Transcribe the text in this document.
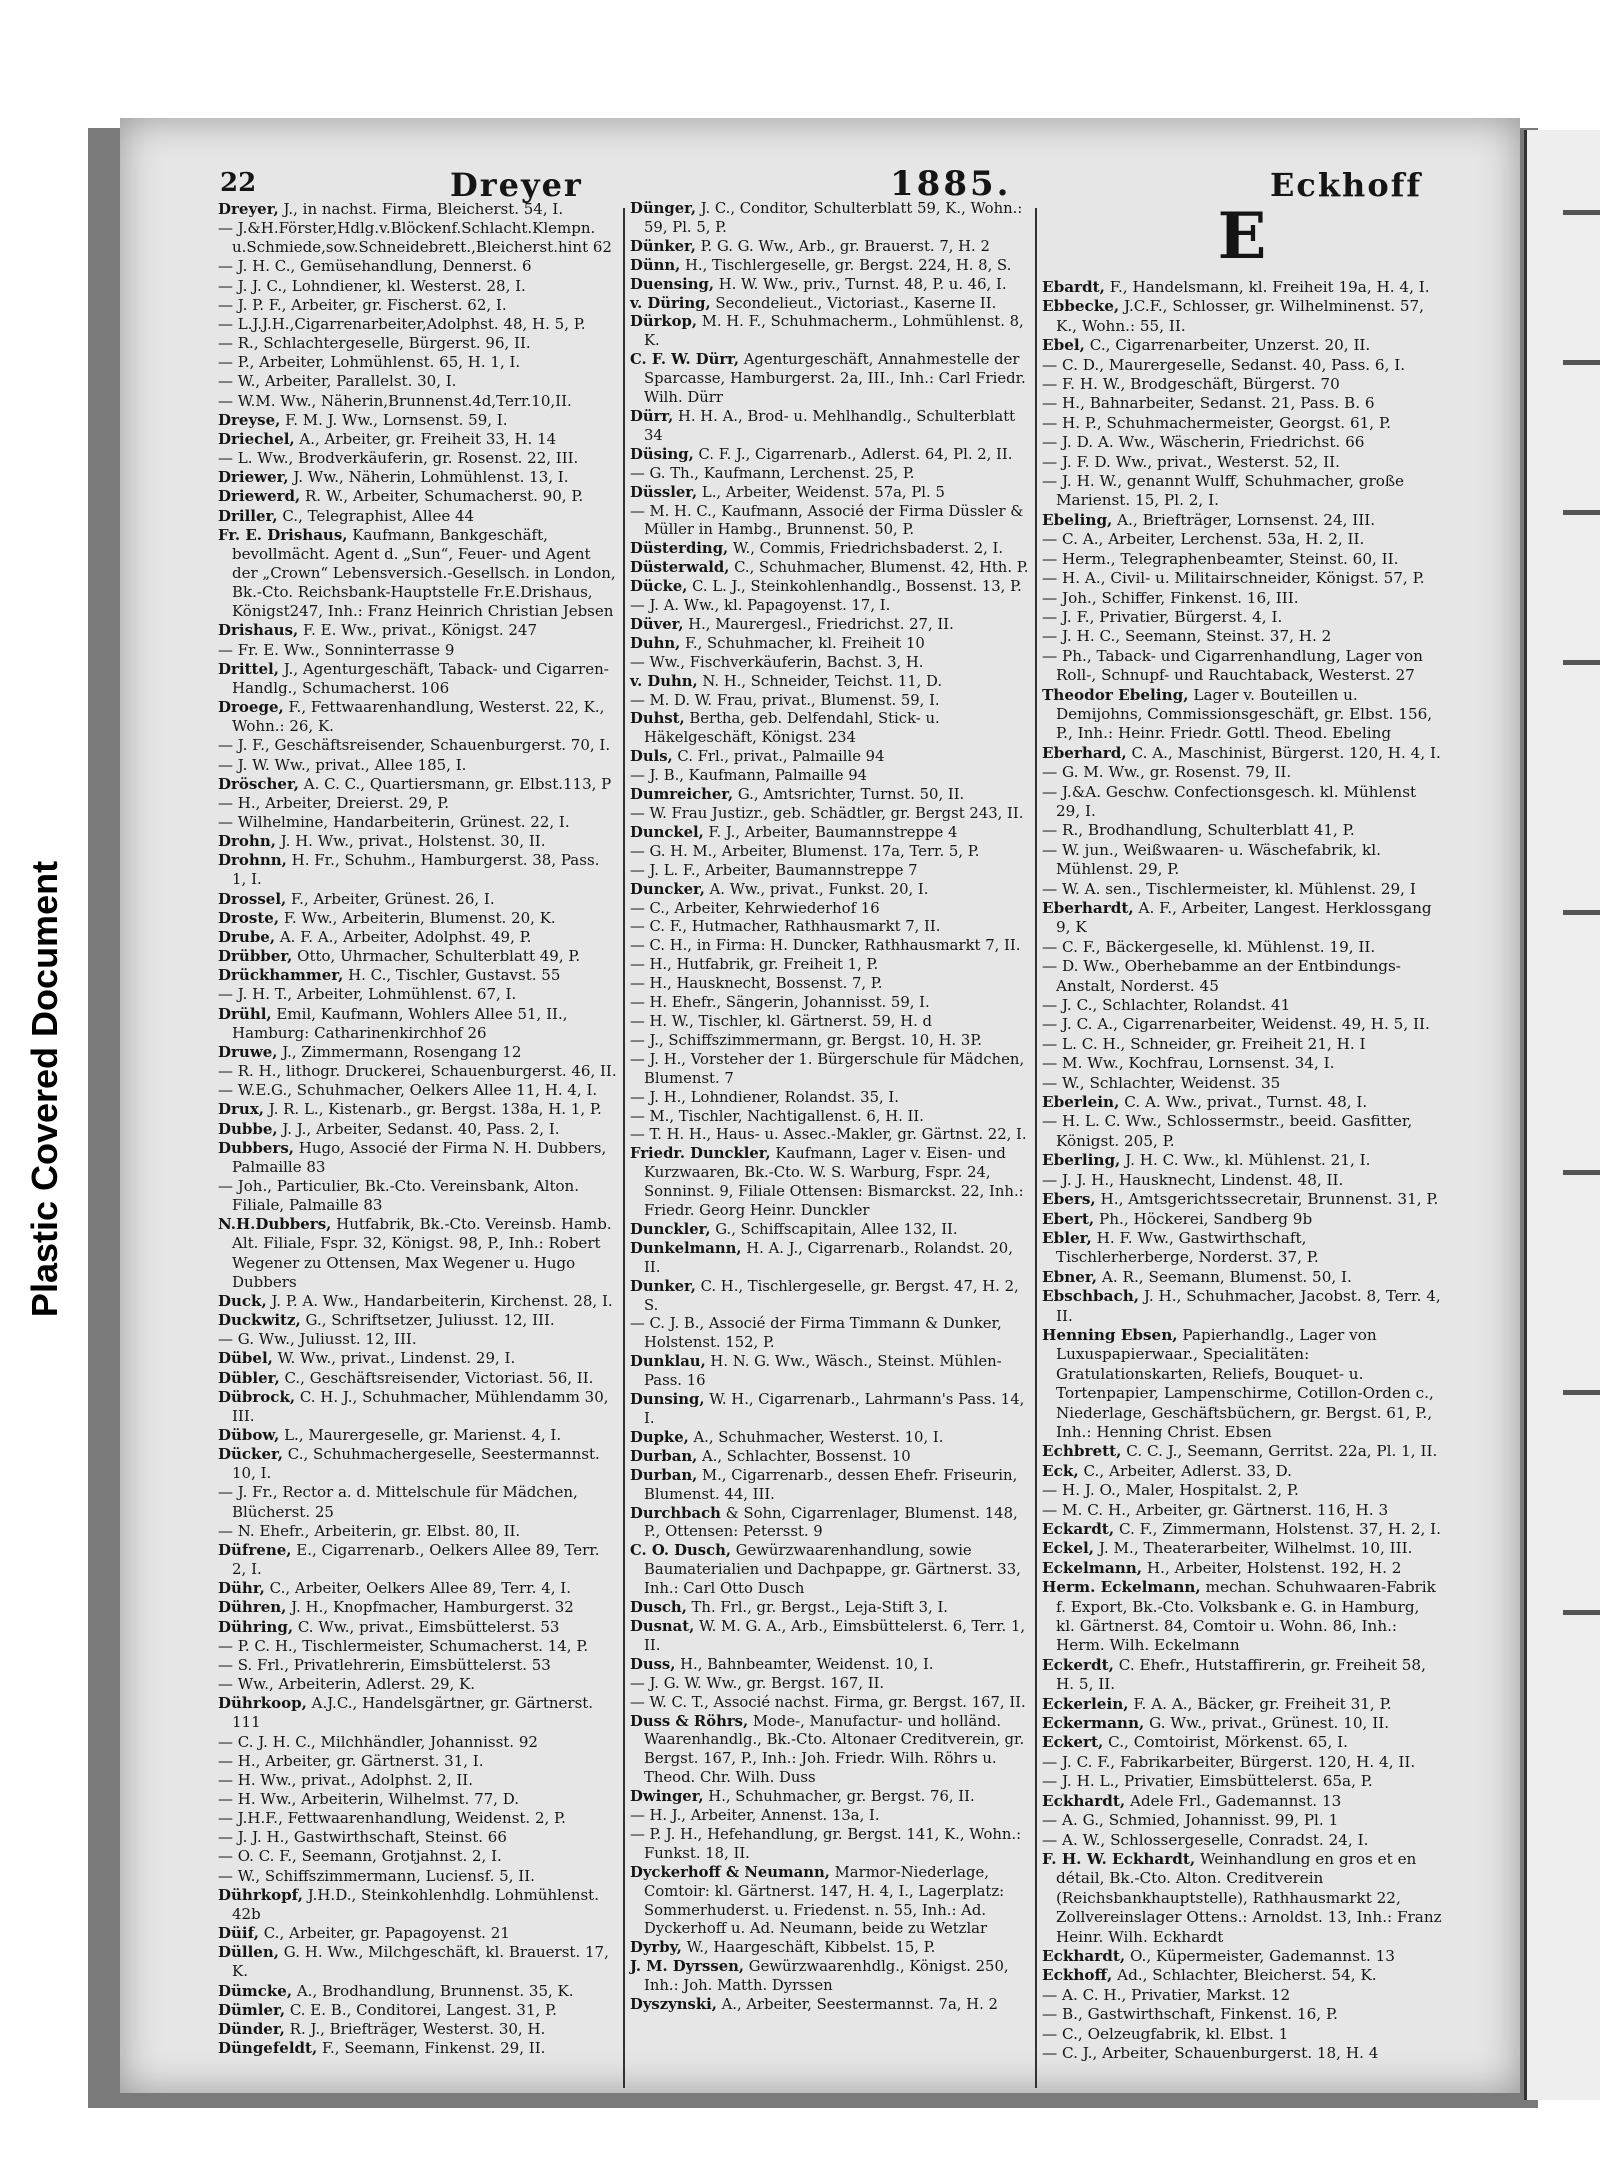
Plastic Covered Document
22	Dreyer	1885.	Eckhoff

Dreyer, J., in nachst. Firma, Bleicherst. 54, I.

— J.&H.Förster,Hdlg.v.Blöckenf.Schlacht.Klempn. u.Schmiede,sow.Schneidebrett.,Bleicherst.hint 62

— J. H. C., Gemüsehandlung, Dennerst. 6

— J. J. C., Lohndiener, kl. Westerst. 28, I.

— J. P. F., Arbeiter, gr. Fischerst. 62, I.

— L.J.J.H.,Cigarrenarbeiter,Adolphst. 48, H. 5, P.

— R., Schlachtergeselle, Bürgerst. 96, II.

— P., Arbeiter, Lohmühlenst. 65, H. 1, I.

— W., Arbeiter, Parallelst. 30, I.

— W.M. Ww., Näherin,Brunnenst.4d,Terr.10,II.

Dreyse, F. M. J. Ww., Lornsenst. 59, I.

Driechel, A., Arbeiter, gr. Freiheit 33, H. 14

— L. Ww., Brodverkäuferin, gr. Rosenst. 22, III.

Driewer, J. Ww., Näherin, Lohmühlenst. 13, I.

Driewerd, R. W., Arbeiter, Schumacherst. 90, P.

Driller, C., Telegraphist, Allee 44

Fr. E. Drishaus, Kaufmann, Bankgeschäft, bevollmächt. Agent d. „Sun“, Feuer- und Agent der „Crown“ Lebensversich.-Gesellsch. in London, Bk.-Cto. Reichsbank-Hauptstelle Fr.E.Drishaus, Königst247, Inh.: Franz Heinrich Christian Jebsen

Drishaus, F. E. Ww., privat., Königst. 247

— Fr. E. Ww., Sonninterrasse 9

Drittel, J., Agenturgeschäft, Taback- und Cigarren-Handlg., Schumacherst. 106

Droege, F., Fettwaarenhandlung, Westerst. 22, K., Wohn.: 26, K.

— J. F., Geschäftsreisender, Schauenburgerst. 70, I.

— J. W. Ww., privat., Allee 185, I.

Dröscher, A. C. C., Quartiersmann, gr. Elbst.113, P

— H., Arbeiter, Dreierst. 29, P.

— Wilhelmine, Handarbeiterin, Grünest. 22, I.

Drohn, J. H. Ww., privat., Holstenst. 30, II.

Drohnn, H. Fr., Schuhm., Hamburgerst. 38, Pass. 1, I.

Drossel, F., Arbeiter, Grünest. 26, I.

Droste, F. Ww., Arbeiterin, Blumenst. 20, K.

Drube, A. F. A., Arbeiter, Adolphst. 49, P.

Drübber, Otto, Uhrmacher, Schulterblatt 49, P.

Drückhammer, H. C., Tischler, Gustavst. 55

— J. H. T., Arbeiter, Lohmühlenst. 67, I.

Drühl, Emil, Kaufmann, Wohlers Allee 51, II., Hamburg: Catharinenkirchhof 26

Druwe, J., Zimmermann, Rosengang 12

— R. H., lithogr. Druckerei, Schauenburgerst. 46, II.

— W.E.G., Schuhmacher, Oelkers Allee 11, H. 4, I.

Drux, J. R. L., Kistenarb., gr. Bergst. 138a, H. 1, P.

Dubbe, J. J., Arbeiter, Sedanst. 40, Pass. 2, I.

Dubbers, Hugo, Associé der Firma N. H. Dubbers, Palmaille 83

— Joh., Particulier, Bk.-Cto. Vereinsbank, Alton. Filiale, Palmaille 83

N.H.Dubbers, Hutfabrik, Bk.-Cto. Vereinsb. Hamb. Alt. Filiale, Fspr. 32, Königst. 98, P., Inh.: Robert Wegener zu Ottensen, Max Wegener u. Hugo Dubbers

Duck, J. P. A. Ww., Handarbeiterin, Kirchenst. 28, I.

Duckwitz, G., Schriftsetzer, Juliusst. 12, III.

— G. Ww., Juliusst. 12, III.

Dübel, W. Ww., privat., Lindenst. 29, I.

Dübler, C., Geschäftsreisender, Victoriast. 56, II.

Dübrock, C. H. J., Schuhmacher, Mühlendamm 30, III.

Dübow, L., Maurergeselle, gr. Marienst. 4, I.

Dücker, C., Schuhmachergeselle, Seestermannst. 10, I.

— J. Fr., Rector a. d. Mittelschule für Mädchen, Blücherst. 25

— N. Ehefr., Arbeiterin, gr. Elbst. 80, II.

Düfrene, E., Cigarrenarb., Oelkers Allee 89, Terr. 2, I.

Dühr, C., Arbeiter, Oelkers Allee 89, Terr. 4, I.

Dühren, J. H., Knopfmacher, Hamburgerst. 32

Dühring, C. Ww., privat., Eimsbüttelerst. 53

— P. C. H., Tischlermeister, Schumacherst. 14, P.

— S. Frl., Privatlehrerin, Eimsbüttelerst. 53

— Ww., Arbeiterin, Adlerst. 29, K.

Dührkoop, A.J.C., Handelsgärtner, gr. Gärtnerst. 111

— C. J. H. C., Milchhändler, Johannisst. 92

— H., Arbeiter, gr. Gärtnerst. 31, I.

— H. Ww., privat., Adolphst. 2, II.

— H. Ww., Arbeiterin, Wilhelmst. 77, D.

— J.H.F., Fettwaarenhandlung, Weidenst. 2, P.

— J. J. H., Gastwirthschaft, Steinst. 66

— O. C. F., Seemann, Grotjahnst. 2, I.

— W., Schiffszimmermann, Luciensf. 5, II.

Dührkopf, J.H.D., Steinkohlenhdlg. Lohmühlenst. 42b

Düif, C., Arbeiter, gr. Papagoyenst. 21

Düllen, G. H. Ww., Milchgeschäft, kl. Brauerst. 17, K.

Dümcke, A., Brodhandlung, Brunnenst. 35, K.

Dümler, C. E. B., Conditorei, Langest. 31, P.

Dünder, R. J., Briefträger, Westerst. 30, H.

Düngefeldt, F., Seemann, Finkenst. 29, II.

Dünger, J. C., Conditor, Schulterblatt 59, K., Wohn.: 59, Pl. 5, P.

Dünker, P. G. G. Ww., Arb., gr. Brauerst. 7, H. 2

Dünn, H., Tischlergeselle, gr. Bergst. 224, H. 8, S.

Duensing, H. W. Ww., priv., Turnst. 48, P. u. 46, I.

v. Düring, Secondelieut., Victoriast., Kaserne II.

Dürkop, M. H. F., Schuhmacherm., Lohmühlenst. 8, K.

C. F. W. Dürr, Agenturgeschäft, Annahmestelle der Sparcasse, Hamburgerst. 2a, III., Inh.: Carl Friedr. Wilh. Dürr

Dürr, H. H. A., Brod- u. Mehlhandlg., Schulterblatt 34

Düsing, C. F. J., Cigarrenarb., Adlerst. 64, Pl. 2, II.

— G. Th., Kaufmann, Lerchenst. 25, P.

Düssler, L., Arbeiter, Weidenst. 57a, Pl. 5

— M. H. C., Kaufmann, Associé der Firma Düssler & Müller in Hambg., Brunnenst. 50, P.

Düsterding, W., Commis, Friedrichsbaderst. 2, I.

Düsterwald, C., Schuhmacher, Blumenst. 42, Hth. P.

Dücke, C. L. J., Steinkohlenhandlg., Bossenst. 13, P.

— J. A. Ww., kl. Papagoyenst. 17, I.

Düver, H., Maurergesl., Friedrichst. 27, II.

Duhn, F., Schuhmacher, kl. Freiheit 10

— Ww., Fischverkäuferin, Bachst. 3, H.

v. Duhn, N. H., Schneider, Teichst. 11, D.

— M. D. W. Frau, privat., Blumenst. 59, I.

Duhst, Bertha, geb. Delfendahl, Stick- u. Häkelgeschäft, Königst. 234

Duls, C. Frl., privat., Palmaille 94

— J. B., Kaufmann, Palmaille 94

Dumreicher, G., Amtsrichter, Turnst. 50, II.

— W. Frau Justizr., geb. Schädtler, gr. Bergst 243, II.

Dunckel, F. J., Arbeiter, Baumannstreppe 4

— G. H. M., Arbeiter, Blumenst. 17a, Terr. 5, P.

— J. L. F., Arbeiter, Baumannstreppe 7

Duncker, A. Ww., privat., Funkst. 20, I.

— C., Arbeiter, Kehrwiederhof 16

— C. F., Hutmacher, Rathhausmarkt 7, II.

— C. H., in Firma: H. Duncker, Rathhausmarkt 7, II.

— H., Hutfabrik, gr. Freiheit 1, P.

— H., Hausknecht, Bossenst. 7, P.

— H. Ehefr., Sängerin, Johannisst. 59, I.

— H. W., Tischler, kl. Gärtnerst. 59, H. d

— J., Schiffszimmermann, gr. Bergst. 10, H. 3P.

— J. H., Vorsteher der 1. Bürgerschule für Mädchen, Blumenst. 7

— J. H., Lohndiener, Rolandst. 35, I.

— M., Tischler, Nachtigallenst. 6, H. II.

— T. H. H., Haus- u. Assec.-Makler, gr. Gärtnst. 22, I.

Friedr. Dunckler, Kaufmann, Lager v. Eisen- und Kurzwaaren, Bk.-Cto. W. S. Warburg, Fspr. 24, Sonninst. 9, Filiale Ottensen: Bismarckst. 22, Inh.: Friedr. Georg Heinr. Dunckler

Dunckler, G., Schiffscapitain, Allee 132, II.

Dunkelmann, H. A. J., Cigarrenarb., Rolandst. 20, II.

Dunker, C. H., Tischlergeselle, gr. Bergst. 47, H. 2, S.

— C. J. B., Associé der Firma Timmann & Dunker, Holstenst. 152, P.

Dunklau, H. N. G. Ww., Wäsch., Steinst. Mühlen-Pass. 16

Dunsing, W. H., Cigarrenarb., Lahrmann's Pass. 14, I.

Dupke, A., Schuhmacher, Westerst. 10, I.

Durban, A., Schlachter, Bossenst. 10

Durban, M., Cigarrenarb., dessen Ehefr. Friseurin, Blumenst. 44, III.

Durchbach & Sohn, Cigarrenlager, Blumenst. 148, P., Ottensen: Petersst. 9

C. O. Dusch, Gewürzwaarenhandlung, sowie Baumaterialien und Dachpappe, gr. Gärtnerst. 33, Inh.: Carl Otto Dusch

Dusch, Th. Frl., gr. Bergst., Leja-Stift 3, I.

Dusnat, W. M. G. A., Arb., Eimsbüttelerst. 6, Terr. 1, II.

Duss, H., Bahnbeamter, Weidenst. 10, I.

— J. G. W. Ww., gr. Bergst. 167, II.

— W. C. T., Associé nachst. Firma, gr. Bergst. 167, II.

Duss & Röhrs, Mode-, Manufactur- und holländ. Waarenhandlg., Bk.-Cto. Altonaer Creditverein, gr. Bergst. 167, P., Inh.: Joh. Friedr. Wilh. Röhrs u. Theod. Chr. Wilh. Duss

Dwinger, H., Schuhmacher, gr. Bergst. 76, II.

— H. J., Arbeiter, Annenst. 13a, I.

— P. J. H., Hefehandlung, gr. Bergst. 141, K., Wohn.: Funkst. 18, II.

Dyckerhoff & Neumann, Marmor-Niederlage, Comtoir: kl. Gärtnerst. 147, H. 4, I., Lagerplatz: Sommerhuderst. u. Friedenst. n. 55, Inh.: Ad. Dyckerhoff u. Ad. Neumann, beide zu Wetzlar

Dyrby, W., Haargeschäft, Kibbelst. 15, P.

J. M. Dyrssen, Gewürzwaarenhdlg., Königst. 250, Inh.: Joh. Matth. Dyrssen

Dyszynski, A., Arbeiter, Seestermannst. 7a, H. 2

E

Ebardt, F., Handelsmann, kl. Freiheit 19a, H. 4, I.

Ebbecke, J.C.F., Schlosser, gr. Wilhelminenst. 57, K., Wohn.: 55, II.

Ebel, C., Cigarrenarbeiter, Unzerst. 20, II.

— C. D., Maurergeselle, Sedanst. 40, Pass. 6, I.

— F. H. W., Brodgeschäft, Bürgerst. 70

— H., Bahnarbeiter, Sedanst. 21, Pass. B. 6

— H. P., Schuhmachermeister, Georgst. 61, P.

— J. D. A. Ww., Wäscherin, Friedrichst. 66

— J. F. D. Ww., privat., Westerst. 52, II.

— J. H. W., genannt Wulff, Schuhmacher, große Marienst. 15, Pl. 2, I.

Ebeling, A., Briefträger, Lornsenst. 24, III.

— C. A., Arbeiter, Lerchenst. 53a, H. 2, II.

— Herm., Telegraphenbeamter, Steinst. 60, II.

— H. A., Civil- u. Militairschneider, Königst. 57, P.

— Joh., Schiffer, Finkenst. 16, III.

— J. F., Privatier, Bürgerst. 4, I.

— J. H. C., Seemann, Steinst. 37, H. 2

— Ph., Taback- und Cigarrenhandlung, Lager von Roll-, Schnupf- und Rauchtaback, Westerst. 27

Theodor Ebeling, Lager v. Bouteillen u. Demijohns, Commissionsgeschäft, gr. Elbst. 156, P., Inh.: Heinr. Friedr. Gottl. Theod. Ebeling

Eberhard, C. A., Maschinist, Bürgerst. 120, H. 4, I.

— G. M. Ww., gr. Rosenst. 79, II.

— J.&A. Geschw. Confectionsgesch. kl. Mühlenst 29, I.

— R., Brodhandlung, Schulterblatt 41, P.

— W. jun., Weißwaaren- u. Wäschefabrik, kl. Mühlenst. 29, P.

— W. A. sen., Tischlermeister, kl. Mühlenst. 29, I

Eberhardt, A. F., Arbeiter, Langest. Herklossgang 9, K

— C. F., Bäckergeselle, kl. Mühlenst. 19, II.

— D. Ww., Oberhebamme an der Entbindungs-Anstalt, Norderst. 45

— J. C., Schlachter, Rolandst. 41

— J. C. A., Cigarrenarbeiter, Weidenst. 49, H. 5, II.

— L. C. H., Schneider, gr. Freiheit 21, H. I

— M. Ww., Kochfrau, Lornsenst. 34, I.

— W., Schlachter, Weidenst. 35

Eberlein, C. A. Ww., privat., Turnst. 48, I.

— H. L. C. Ww., Schlossermstr., beeid. Gasfitter, Königst. 205, P.

Eberling, J. H. C. Ww., kl. Mühlenst. 21, I.

— J. J. H., Hausknecht, Lindenst. 48, II.

Ebers, H., Amtsgerichtssecretair, Brunnenst. 31, P.

Ebert, Ph., Höckerei, Sandberg 9b

Ebler, H. F. Ww., Gastwirthschaft, Tischlerherberge, Norderst. 37, P.

Ebner, A. R., Seemann, Blumenst. 50, I.

Ebschbach, J. H., Schuhmacher, Jacobst. 8, Terr. 4, II.

Henning Ebsen, Papierhandlg., Lager von Luxuspapierwaar., Specialitäten: Gratulationskarten, Reliefs, Bouquet- u. Tortenpapier, Lampenschirme, Cotillon-Orden c., Niederlage, Geschäftsbüchern, gr. Bergst. 61, P., Inh.: Henning Christ. Ebsen

Echbrett, C. C. J., Seemann, Gerritst. 22a, Pl. 1, II.

Eck, C., Arbeiter, Adlerst. 33, D.

— H. J. O., Maler, Hospitalst. 2, P.

— M. C. H., Arbeiter, gr. Gärtnerst. 116, H. 3

Eckardt, C. F., Zimmermann, Holstenst. 37, H. 2, I.

Eckel, J. M., Theaterarbeiter, Wilhelmst. 10, III.

Eckelmann, H., Arbeiter, Holstenst. 192, H. 2

Herm. Eckelmann, mechan. Schuhwaaren-Fabrik f. Export, Bk.-Cto. Volksbank e. G. in Hamburg, kl. Gärtnerst. 84, Comtoir u. Wohn. 86, Inh.: Herm. Wilh. Eckelmann

Eckerdt, C. Ehefr., Hutstaffirerin, gr. Freiheit 58, H. 5, II.

Eckerlein, F. A. A., Bäcker, gr. Freiheit 31, P.

Eckermann, G. Ww., privat., Grünest. 10, II.

Eckert, C., Comtoirist, Mörkenst. 65, I.

— J. C. F., Fabrikarbeiter, Bürgerst. 120, H. 4, II.

— J. H. L., Privatier, Eimsbüttelerst. 65a, P.

Eckhardt, Adele Frl., Gademannst. 13

— A. G., Schmied, Johannisst. 99, Pl. 1

— A. W., Schlossergeselle, Conradst. 24, I.

F. H. W. Eckhardt, Weinhandlung en gros et en détail, Bk.-Cto. Alton. Creditverein (Reichsbankhauptstelle), Rathhausmarkt 22, Zollvereinslager Ottens.: Arnoldst. 13, Inh.: Franz Heinr. Wilh. Eckhardt

Eckhardt, O., Küpermeister, Gademannst. 13

Eckhoff, Ad., Schlachter, Bleicherst. 54, K.

— A. C. H., Privatier, Markst. 12

— B., Gastwirthschaft, Finkenst. 16, P.

— C., Oelzeugfabrik, kl. Elbst. 1

— C. J., Arbeiter, Schauenburgerst. 18, H. 4
